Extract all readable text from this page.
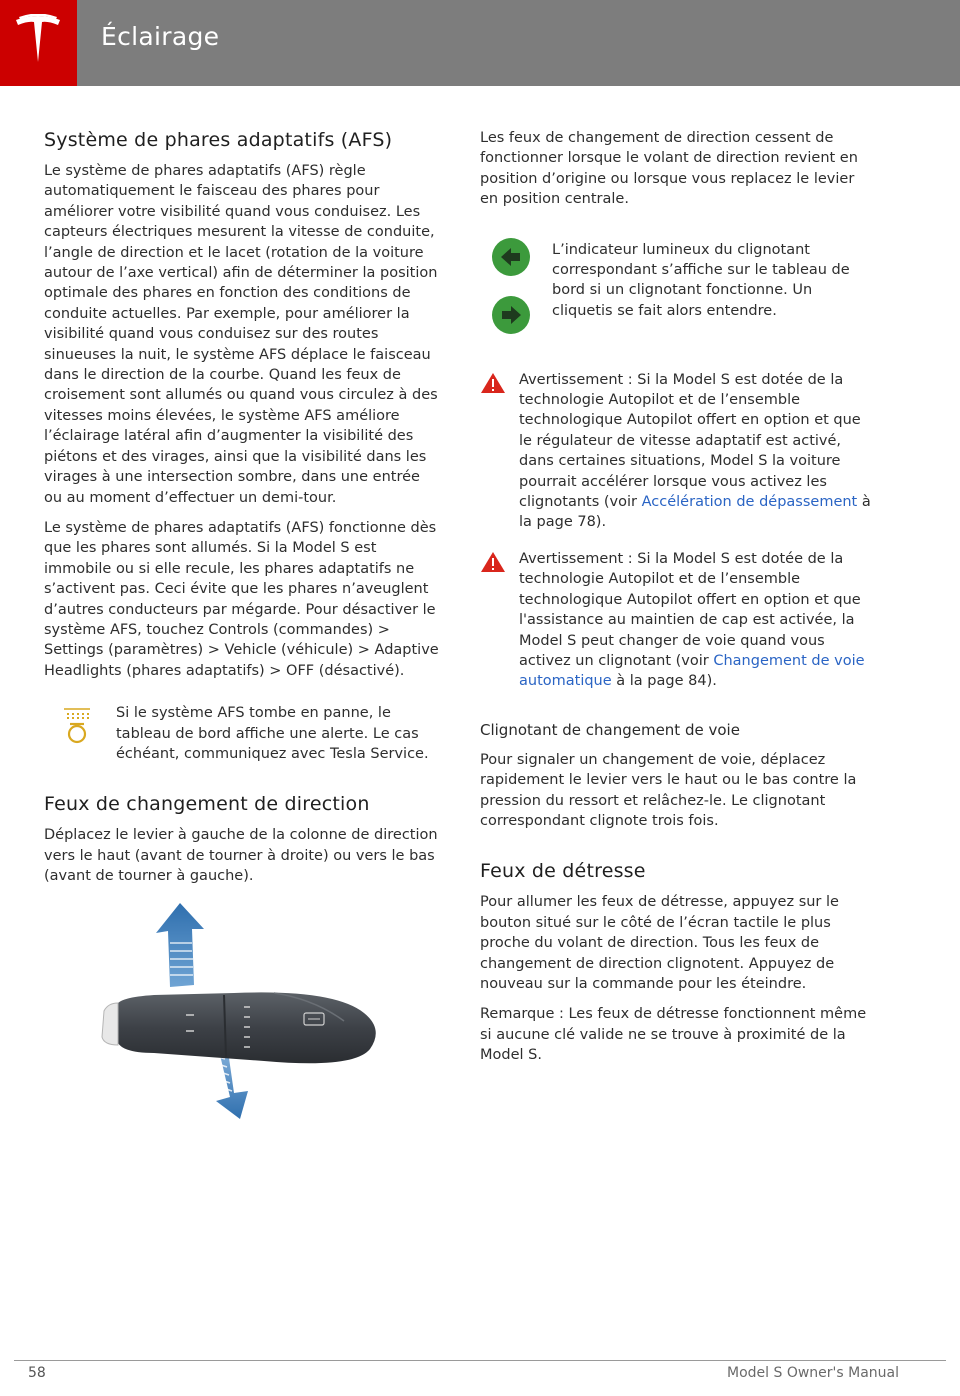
Éclairage
Système de phares adaptatifs (AFS)

Le système de phares adaptatifs (AFS) règle automatiquement le faisceau des phares pour améliorer votre visibilité quand vous conduisez. Les capteurs électriques mesurent la vitesse de conduite, l’angle de direction et le lacet (rotation de la voiture autour de l’axe vertical) afin de déterminer la position optimale des phares en fonction des conditions de conduite actuelles. Par exemple, pour améliorer la visibilité quand vous conduisez sur des routes sinueuses la nuit, le système AFS déplace le faisceau dans le direction de la courbe. Quand les feux de croisement sont allumés ou quand vous circulez à des vitesses moins élevées, le système AFS améliore l’éclairage latéral afin d’augmenter la visibilité des piétons et des virages, ainsi que la visibilité dans les virages à une intersection sombre, dans une entrée ou au moment d’effectuer un demi-tour.

Le système de phares adaptatifs (AFS) fonctionne dès que les phares sont allumés. Si la Model S est immobile ou si elle recule, les phares adaptatifs ne s’activent pas. Ceci évite que les phares n’aveuglent d’autres conducteurs par mégarde. Pour désactiver le système AFS, touchez Controls (commandes) > Settings (paramètres) > Vehicle (véhicule) > Adaptive Headlights (phares adaptatifs) > OFF (désactivé).

Si le système AFS tombe en panne, le tableau de bord affiche une alerte. Le cas échéant, communiquez avec Tesla Service.

Feux de changement de direction

Déplacez le levier à gauche de la colonne de direction vers le haut (avant de tourner à droite) ou vers le bas (avant de tourner à gauche).

Les feux de changement de direction cessent de fonctionner lorsque le volant de direction revient en position d’origine ou lorsque vous replacez le levier en position centrale.

L’indicateur lumineux du clignotant correspondant s’affiche sur le tableau de bord si un clignotant fonctionne. Un cliquetis se fait alors entendre.

Avertissement : Si la Model S est dotée de la technologie Autopilot et de l’ensemble technologique Autopilot offert en option et que le régulateur de vitesse adaptatif est activé, dans certaines situations, Model S la voiture pourrait accélérer lorsque vous activez les clignotants (voir Accélération de dépassement à la page 78).

Avertissement : Si la Model S est dotée de la technologie Autopilot et de l’ensemble technologique Autopilot offert en option et que l'assistance au maintien de cap est activée, la Model S peut changer de voie quand vous activez un clignotant (voir Changement de voie automatique à la page 84).

Clignotant de changement de voie

Pour signaler un changement de voie, déplacez rapidement le levier vers le haut ou le bas contre la pression du ressort et relâchez-le. Le clignotant correspondant clignote trois fois.

Feux de détresse

Pour allumer les feux de détresse, appuyez sur le bouton situé sur le côté de l’écran tactile le plus proche du volant de direction. Tous les feux de changement de direction clignotent. Appuyez de nouveau sur la commande pour les éteindre.

Remarque : Les feux de détresse fonctionnent même si aucune clé valide ne se trouve à proximité de la Model S.

58	Model S Owner's Manual
